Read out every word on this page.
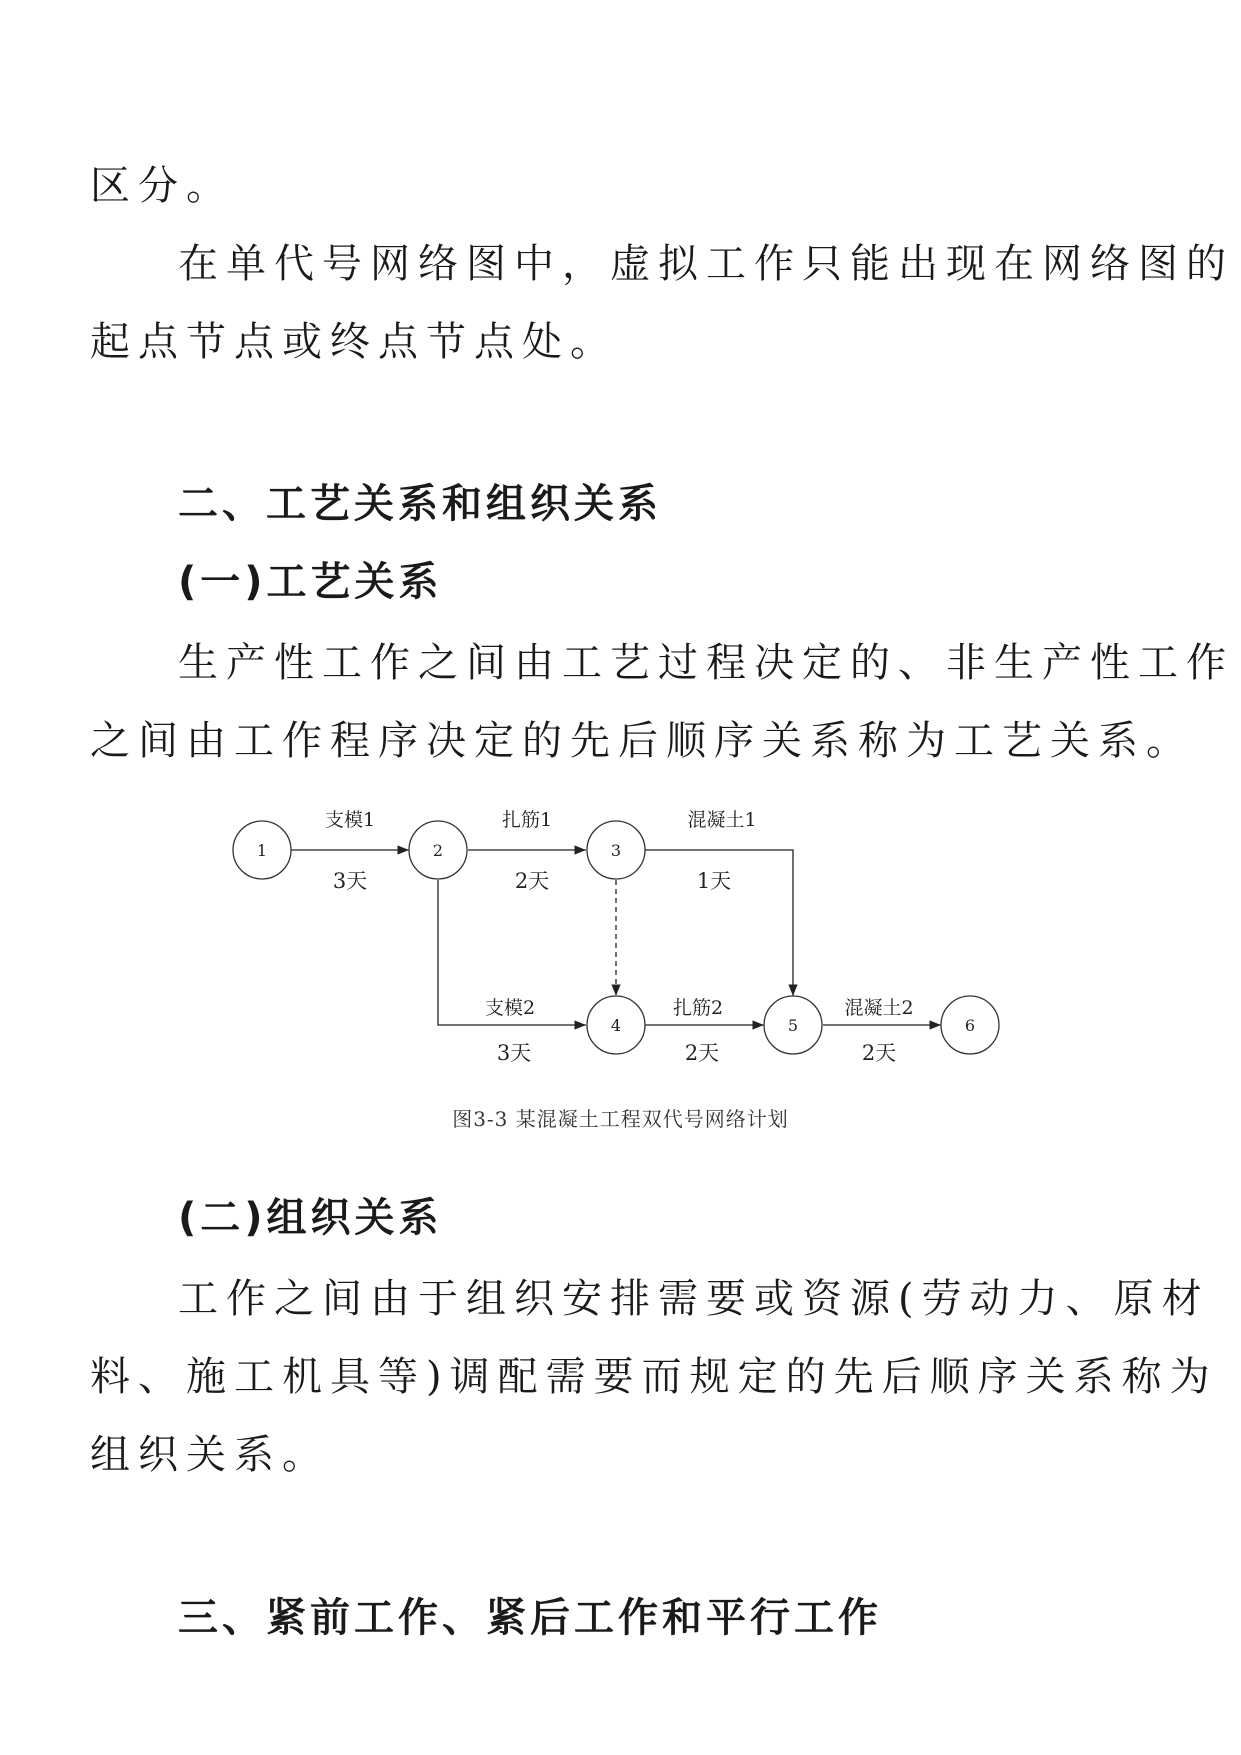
区分。
在单代号网络图中，虚拟工作只能出现在网络图的
起点节点或终点节点处。
二、工艺关系和组织关系
(一)工艺关系
生产性工作之间由工艺过程决定的、非生产性工作
之间由工作程序决定的先后顺序关系称为工艺关系。
1	2	3
4	5	6
支模1
3天
扎筋1
2天
混凝土1
1天
支模2
3天
扎筋2
2天
混凝土2
2天
图3-3 某混凝土工程双代号网络计划
(二)组织关系
工作之间由于组织安排需要或资源(劳动力、原材
料、施工机具等)调配需要而规定的先后顺序关系称为
组织关系。
三、紧前工作、紧后工作和平行工作
